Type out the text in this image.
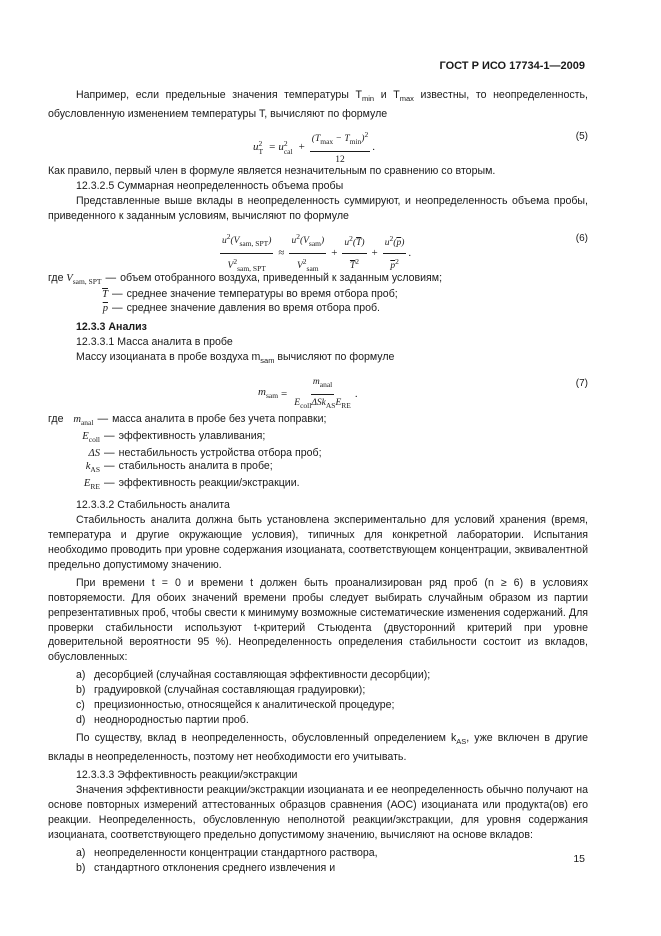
ГОСТ Р ИСО 17734-1—2009

Например, если предельные значения температуры $T_{min}$ и $T_{max}$ известны, то неопределенность, обусловленную изменением температуры T, вычисляют по формуле

u 2
T = u 2
cal + $\frac{(T_{max} - T_{min})^2}{12}$ .
(5)

Как правило, первый член в формуле является незначительным по сравнению со вторым.

12.3.2.5 Суммарная неопределенность объема пробы

Представленные выше вклады в неопределенность суммируют, и неопределенность объема пробы, приведенного к заданным условиям, вычисляют по формуле

$\frac{u^2(V_{sam, SPT})}{V^2_{sam, SPT}} \approx \frac{u^2(V_{sam})}{V^2_{sam}} + \frac{u^2(\overline{T})}{\overline{T}^2} + \frac{u^2(\overline{p})}{\overline{p}^2}$ .
(6)
где $V_{sam, SPT}$ — объем отобранного воздуха, приведенный к заданным условиям;
$\overline{T}$ — среднее значение температуры во время отбора проб;
$\overline{p}$ — среднее значение давления во время отбора проб.

12.3.3 Анализ

12.3.3.1 Масса аналита в пробе

Массу изоцианата в пробе воздуха $m_{sam}$ вычисляют по формуле

$m_{sam} = \frac{m_{anal}}{E_{coll}\Delta Sk_{AS}E_{RE}}$ .
(7)
где $m_{anal}$ — масса аналита в пробе без учета поправки;
$E_{coll}$ — эффективность улавливания;
ΔS — нестабильность устройства отбора проб;
$k_{AS}$ — стабильность аналита в пробе;
$E_{RE}$ — эффективность реакции/экстракции.

12.3.3.2 Стабильность аналита

Стабильность аналита должна быть установлена экспериментально для условий хранения (время, температура и другие окружающие условия), типичных для конкретной лаборатории. Испытания необходимо проводить при уровне содержания изоцианата, соответствующем концентрации, эквивалентной предельно допустимому значению.

При времени t = 0 и времени t должен быть проанализирован ряд проб (n ≥ 6) в условиях повторяемости. Для обоих значений времени пробы следует выбирать случайным образом из партии репрезентативных проб, чтобы свести к минимуму возможные систематические изменения содержаний. Для проверки стабильности используют t-критерий Стьюдента (двусторонний критерий при уровне доверительной вероятности 95 %). Неопределенность определения стабильности состоит из вкладов, обусловленных:

a) десорбцией (случайная составляющая эффективности десорбции);
b) градуировкой (случайная составляющая градуировки);
c) прецизионностью, относящейся к аналитической процедуре;
d) неоднородностью партии проб.

По существу, вклад в неопределенность, обусловленный определением $k_{AS}$, уже включен в другие вклады в неопределенность, поэтому нет необходимости его учитывать.

12.3.3.3 Эффективность реакции/экстракции

Значения эффективности реакции/экстракции изоцианата и ее неопределенность обычно получают на основе повторных измерений аттестованных образцов сравнения (АОС) изоцианата или продукта(ов) его реакции. Неопределенность, обусловленную неполнотой реакции/экстракции, для уровня содержания изоцианата, соответствующего предельно допустимому значению, вычисляют на основе вкладов:

a) неопределенности концентрации стандартного раствора,
b) стандартного отклонения среднего извлечения и
15
